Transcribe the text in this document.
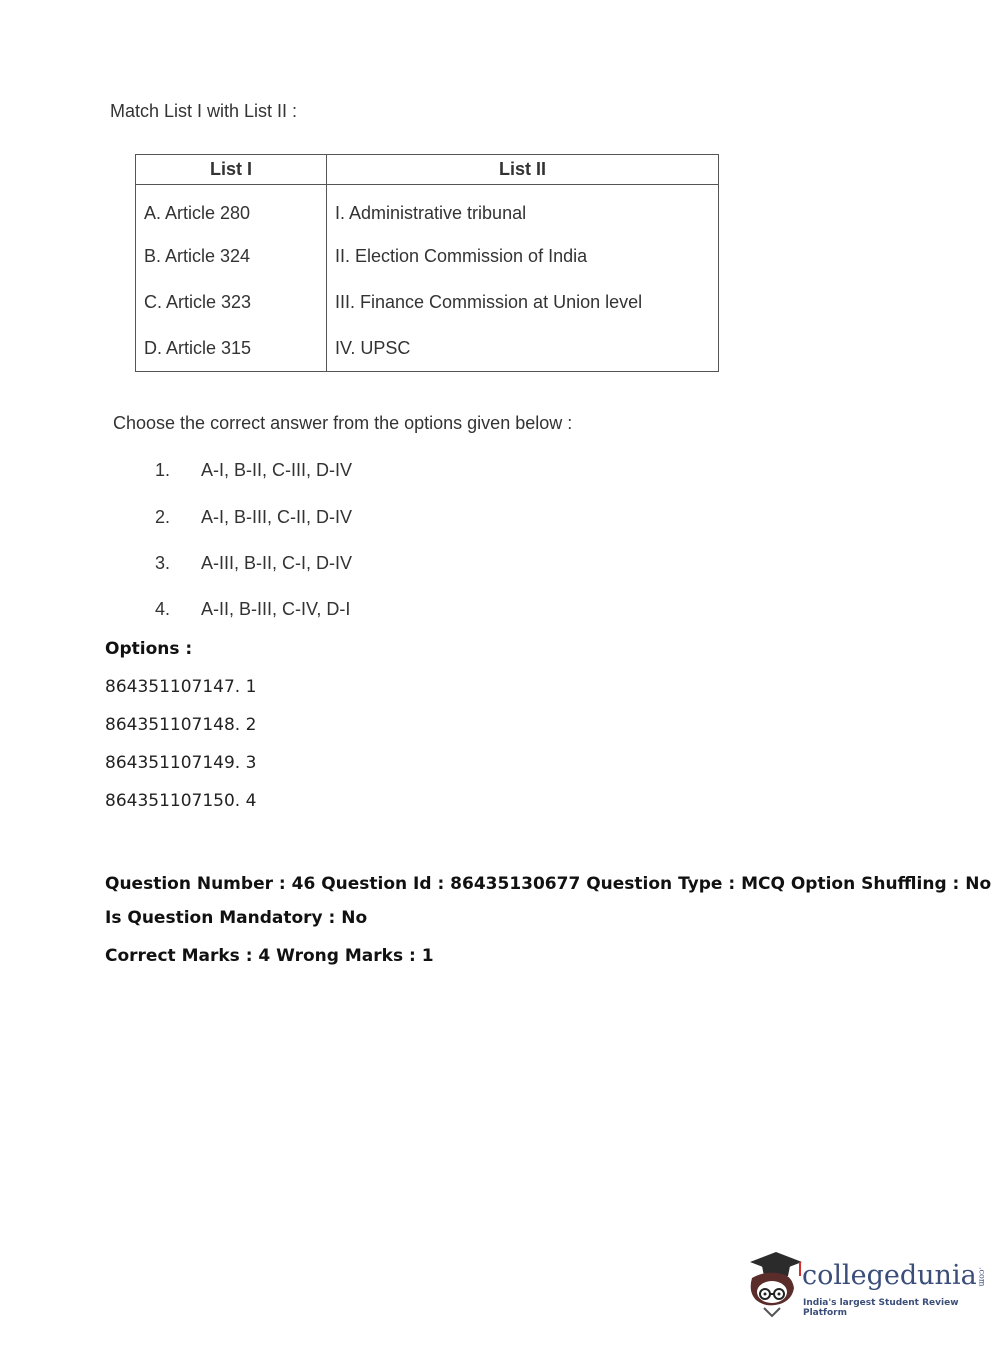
Match List I with List II :
List I	List II
A. Article 280	I. Administrative tribunal
B. Article 324	II. Election Commission of India
C. Article 323	III. Finance Commission at Union level
D. Article 315	IV. UPSC
Choose the correct answer from the options given below :
1. A-I, B-II, C-III, D-IV
2. A-I, B-III, C-II, D-IV
3. A-III, B-II, C-I, D-IV
4. A-II, B-III, C-IV, D-I
Options :
864351107147. 1
864351107148. 2
864351107149. 3
864351107150. 4
Question Number : 46 Question Id : 86435130677 Question Type : MCQ Option Shuffling : No
Is Question Mandatory : No
Correct Marks : 4 Wrong Marks : 1
collegedunia.com
India's largest Student Review Platform
